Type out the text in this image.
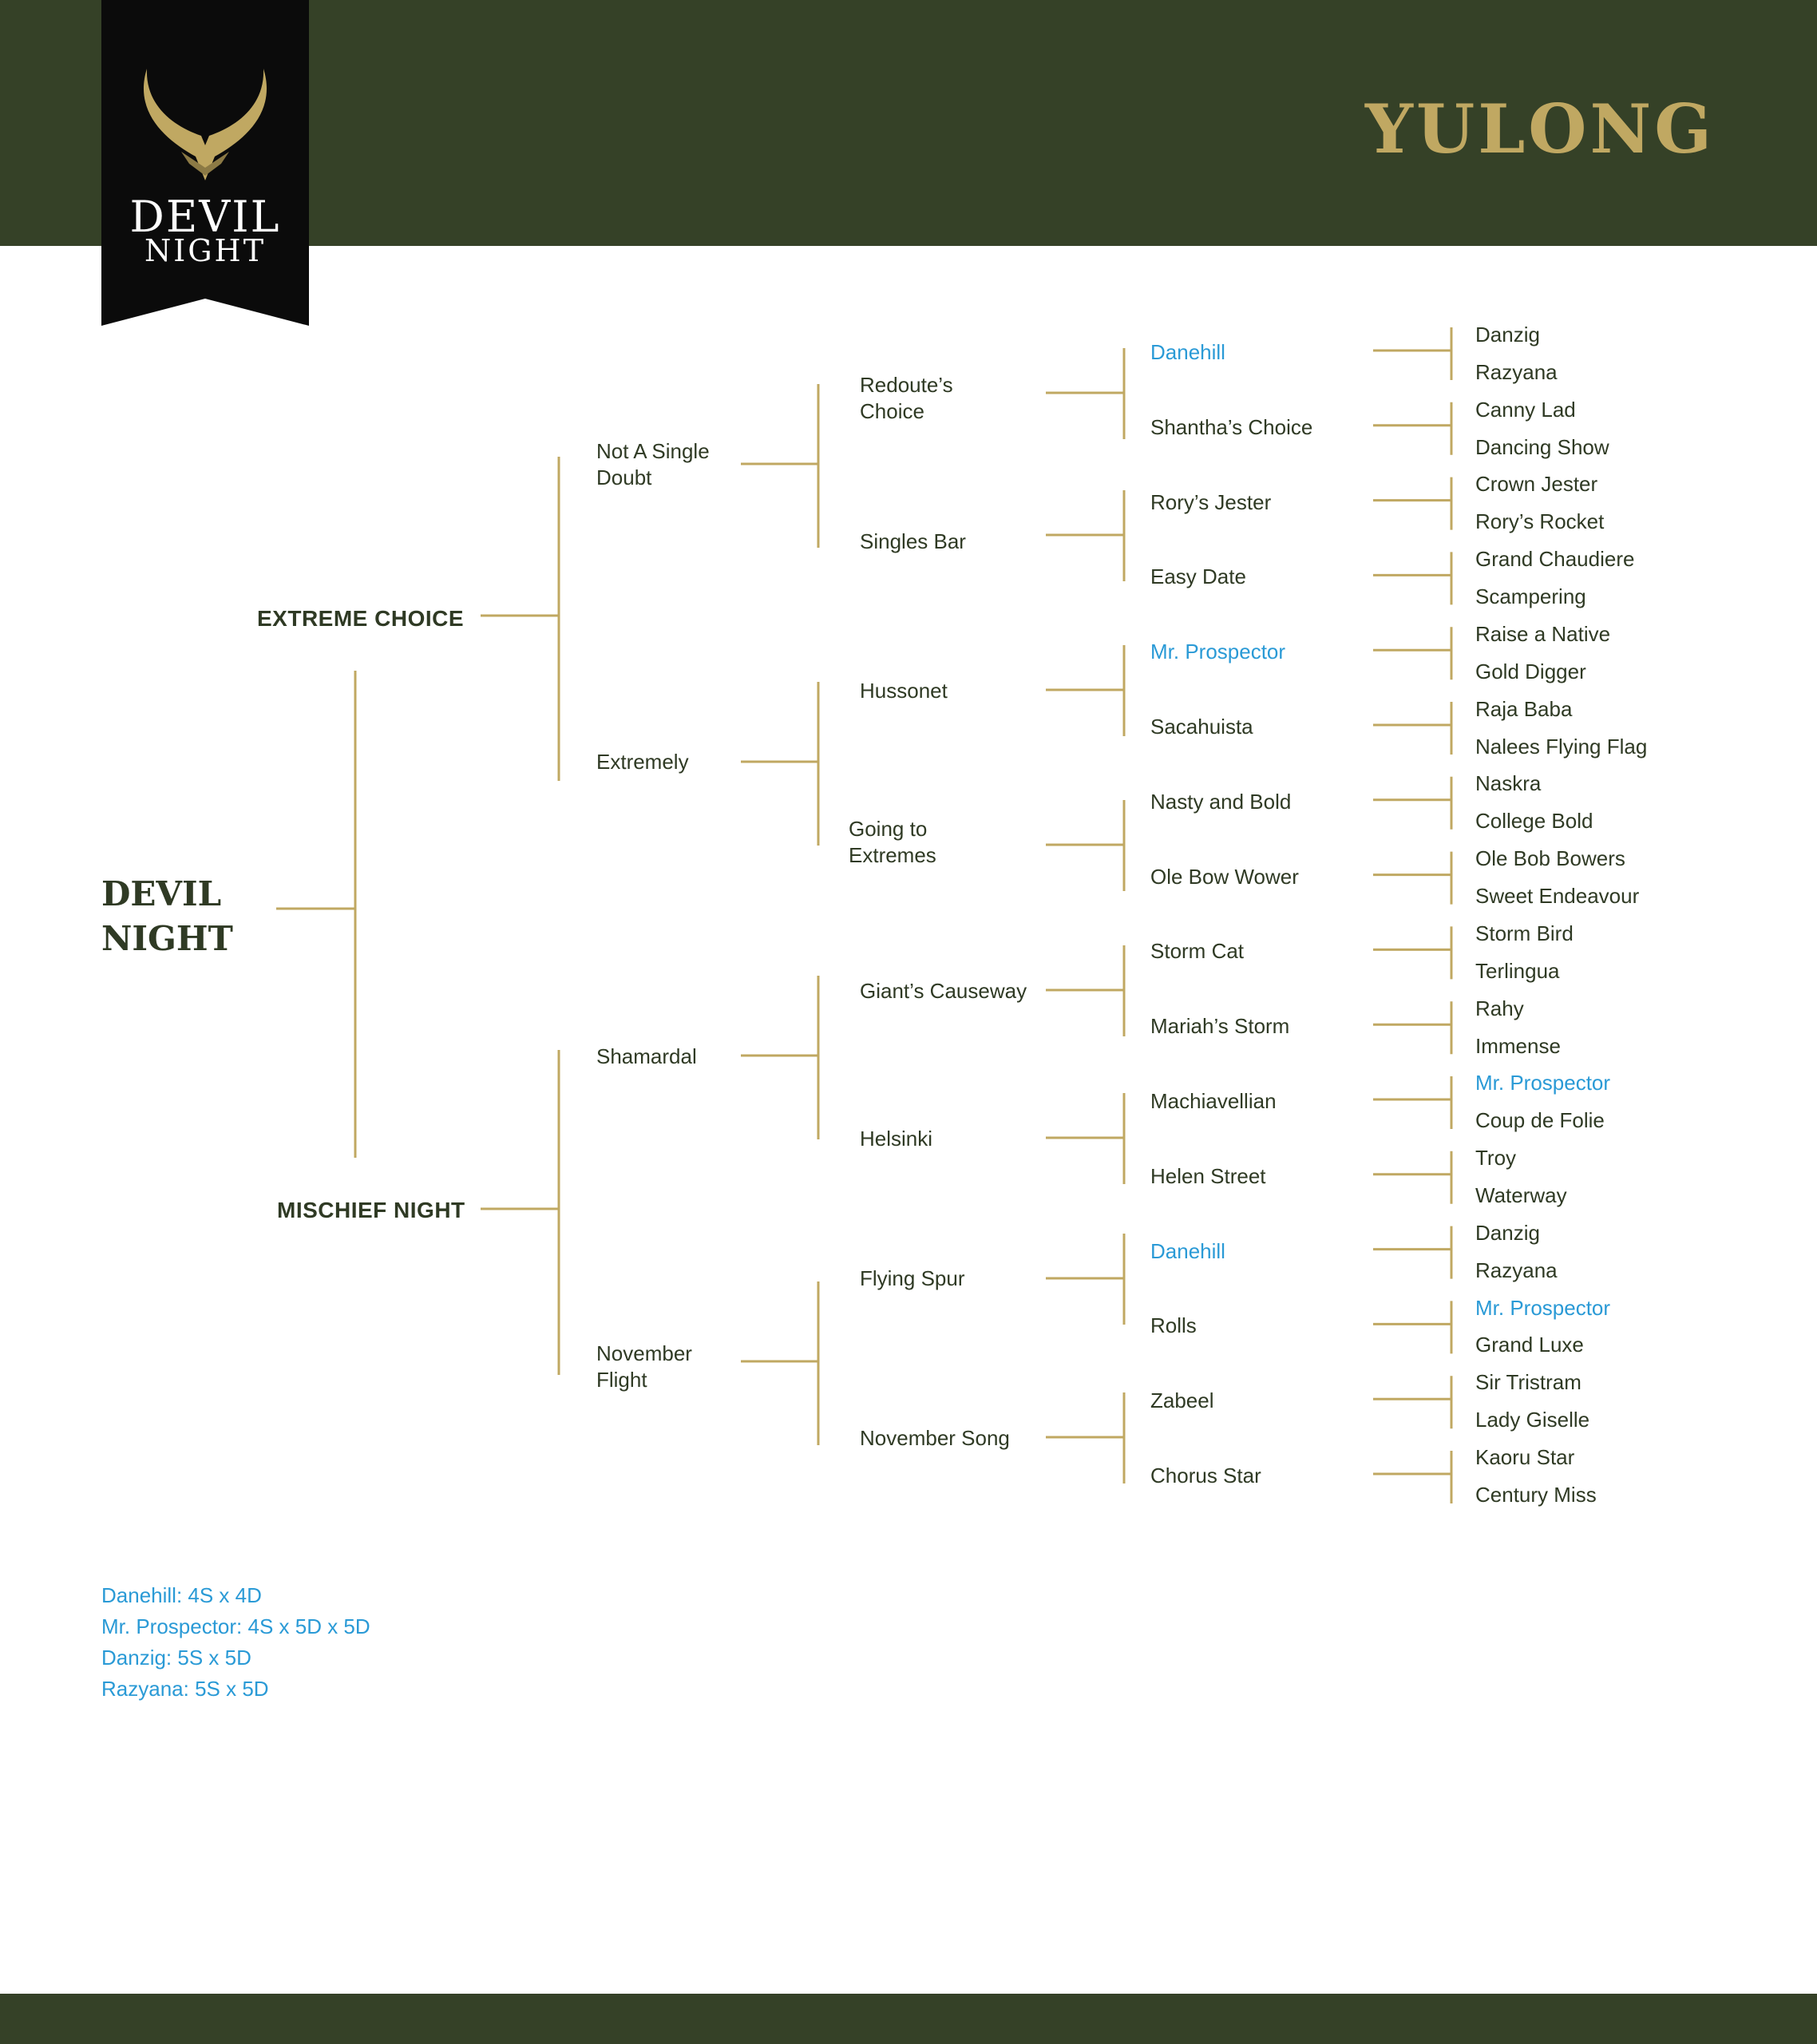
DEVIL
NIGHT
YULONG
DEVIL
NIGHT
EXTREME CHOICE
MISCHIEF NIGHT
Not A Single
Doubt
Extremely
Shamardal
November
Flight
Redoute’s
Choice
Singles Bar
Hussonet
Going to
Extremes
Giant’s Causeway
Helsinki
Flying Spur
November Song
Danehill
Shantha’s Choice
Rory’s Jester
Easy Date
Mr. Prospector
Sacahuista
Nasty and Bold
Ole Bow Wower
Storm Cat
Mariah’s Storm
Machiavellian
Helen Street
Danehill
Rolls
Zabeel
Chorus Star
Danzig
Razyana
Canny Lad
Dancing Show
Crown Jester
Rory’s Rocket
Grand Chaudiere
Scampering
Raise a Native
Gold Digger
Raja Baba
Nalees Flying Flag
Naskra
College Bold
Ole Bob Bowers
Sweet Endeavour
Storm Bird
Terlingua
Rahy
Immense
Mr. Prospector
Coup de Folie
Troy
Waterway
Danzig
Razyana
Mr. Prospector
Grand Luxe
Sir Tristram
Lady Giselle
Kaoru Star
Century Miss
Danehill: 4S x 4D
Mr. Prospector: 4S x 5D x 5D
Danzig: 5S x 5D
Razyana: 5S x 5D
